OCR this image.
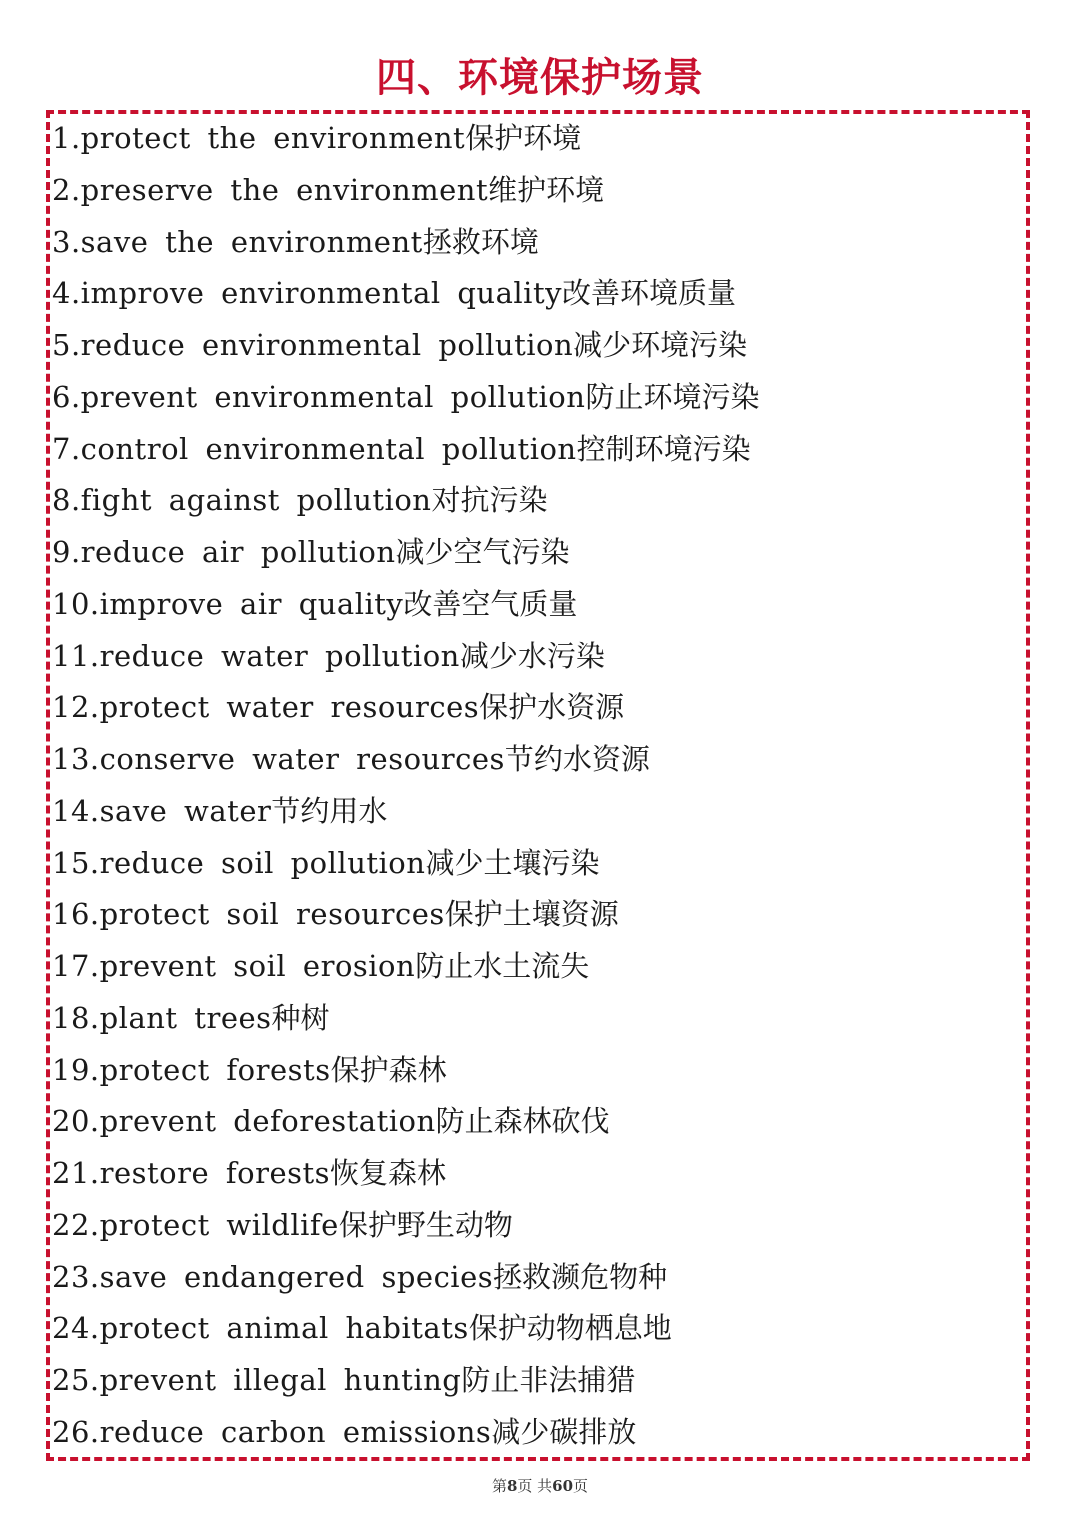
四、环境保护场景
1.protect the environment保护环境
2.preserve the environment维护环境
3.save the environment拯救环境
4.improve environmental quality改善环境质量
5.reduce environmental pollution减少环境污染
6.prevent environmental pollution防止环境污染
7.control environmental pollution控制环境污染
8.fight against pollution对抗污染
9.reduce air pollution减少空气污染
10.improve air quality改善空气质量
11.reduce water pollution减少水污染
12.protect water resources保护水资源
13.conserve water resources节约水资源
14.save water节约用水
15.reduce soil pollution减少土壤污染
16.protect soil resources保护土壤资源
17.prevent soil erosion防止水土流失
18.plant trees种树
19.protect forests保护森林
20.prevent deforestation防止森林砍伐
21.restore forests恢复森林
22.protect wildlife保护野生动物
23.save endangered species拯救濒危物种
24.protect animal habitats保护动物栖息地
25.prevent illegal hunting防止非法捕猎
26.reduce carbon emissions减少碳排放
第8页 共60页
